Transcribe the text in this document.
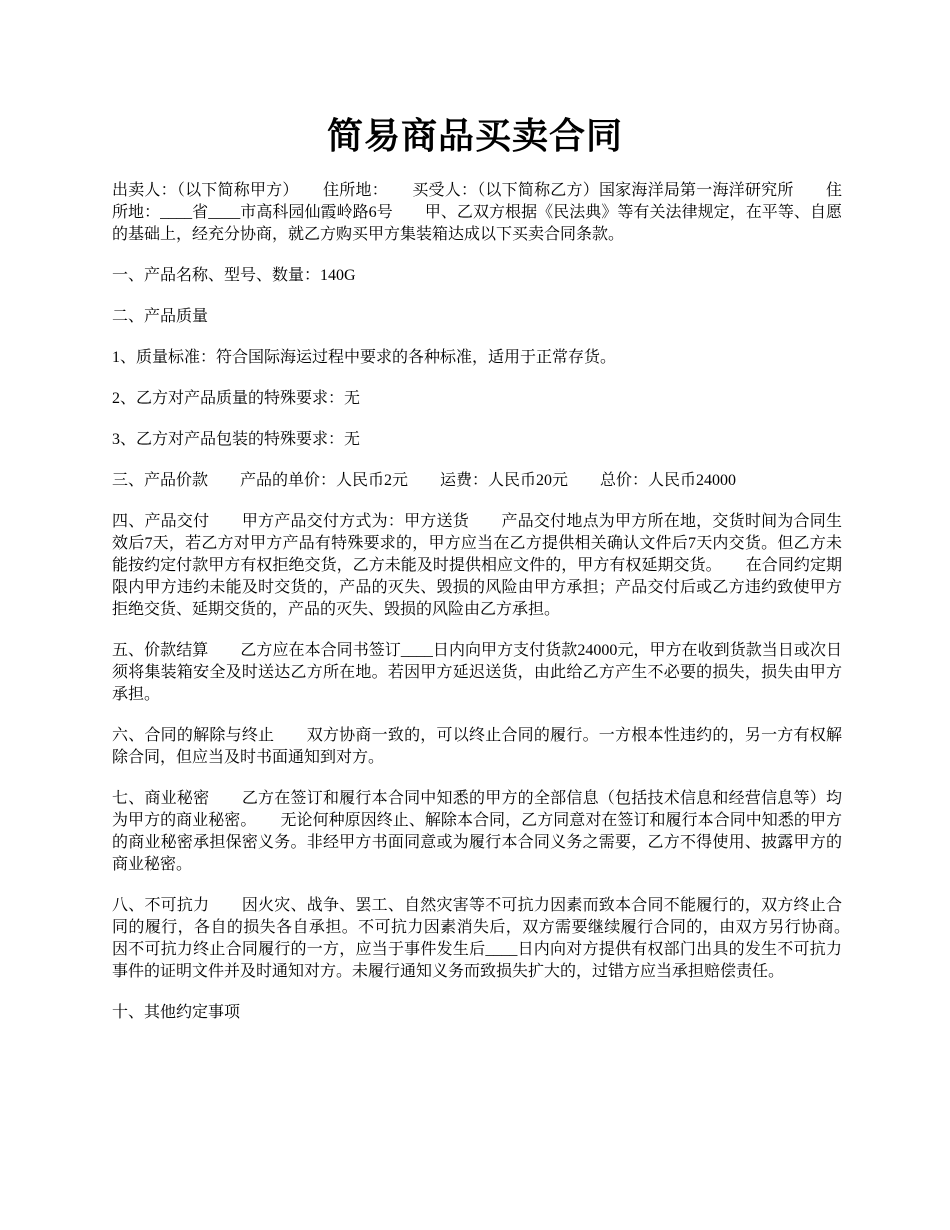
简易商品买卖合同

出卖人：（以下简称甲方）　　住所地：　　买受人：（以下简称乙方）国家海洋局第一海洋研究所　　住所地：____省____市高科园仙霞岭路6号　　甲、乙双方根据《民法典》等有关法律规定，在平等、自愿的基础上，经充分协商，就乙方购买甲方集装箱达成以下买卖合同条款。

一、产品名称、型号、数量：140G

二、产品质量

1、质量标准：符合国际海运过程中要求的各种标准，适用于正常存货。

2、乙方对产品质量的特殊要求：无

3、乙方对产品包装的特殊要求：无

三、产品价款　　产品的单价：人民币2元　　运费：人民币20元　　总价：人民币24000

四、产品交付　　甲方产品交付方式为：甲方送货　　产品交付地点为甲方所在地，交货时间为合同生效后7天，若乙方对甲方产品有特殊要求的，甲方应当在乙方提供相关确认文件后7天内交货。但乙方未能按约定付款甲方有权拒绝交货，乙方未能及时提供相应文件的，甲方有权延期交货。　　在合同约定期限内甲方违约未能及时交货的，产品的灭失、毁损的风险由甲方承担；产品交付后或乙方违约致使甲方拒绝交货、延期交货的，产品的灭失、毁损的风险由乙方承担。

五、价款结算　　乙方应在本合同书签订____日内向甲方支付货款24000元，甲方在收到货款当日或次日须将集装箱安全及时送达乙方所在地。若因甲方延迟送货，由此给乙方产生不必要的损失，损失由甲方承担。

六、合同的解除与终止　　双方协商一致的，可以终止合同的履行。一方根本性违约的，另一方有权解除合同，但应当及时书面通知到对方。

七、商业秘密　　乙方在签订和履行本合同中知悉的甲方的全部信息（包括技术信息和经营信息等）均为甲方的商业秘密。　　无论何种原因终止、解除本合同，乙方同意对在签订和履行本合同中知悉的甲方的商业秘密承担保密义务。非经甲方书面同意或为履行本合同义务之需要，乙方不得使用、披露甲方的商业秘密。

八、不可抗力　　因火灾、战争、罢工、自然灾害等不可抗力因素而致本合同不能履行的，双方终止合同的履行，各自的损失各自承担。不可抗力因素消失后，双方需要继续履行合同的，由双方另行协商。　　因不可抗力终止合同履行的一方，应当于事件发生后____日内向对方提供有权部门出具的发生不可抗力事件的证明文件并及时通知对方。未履行通知义务而致损失扩大的，过错方应当承担赔偿责任。

十、其他约定事项
